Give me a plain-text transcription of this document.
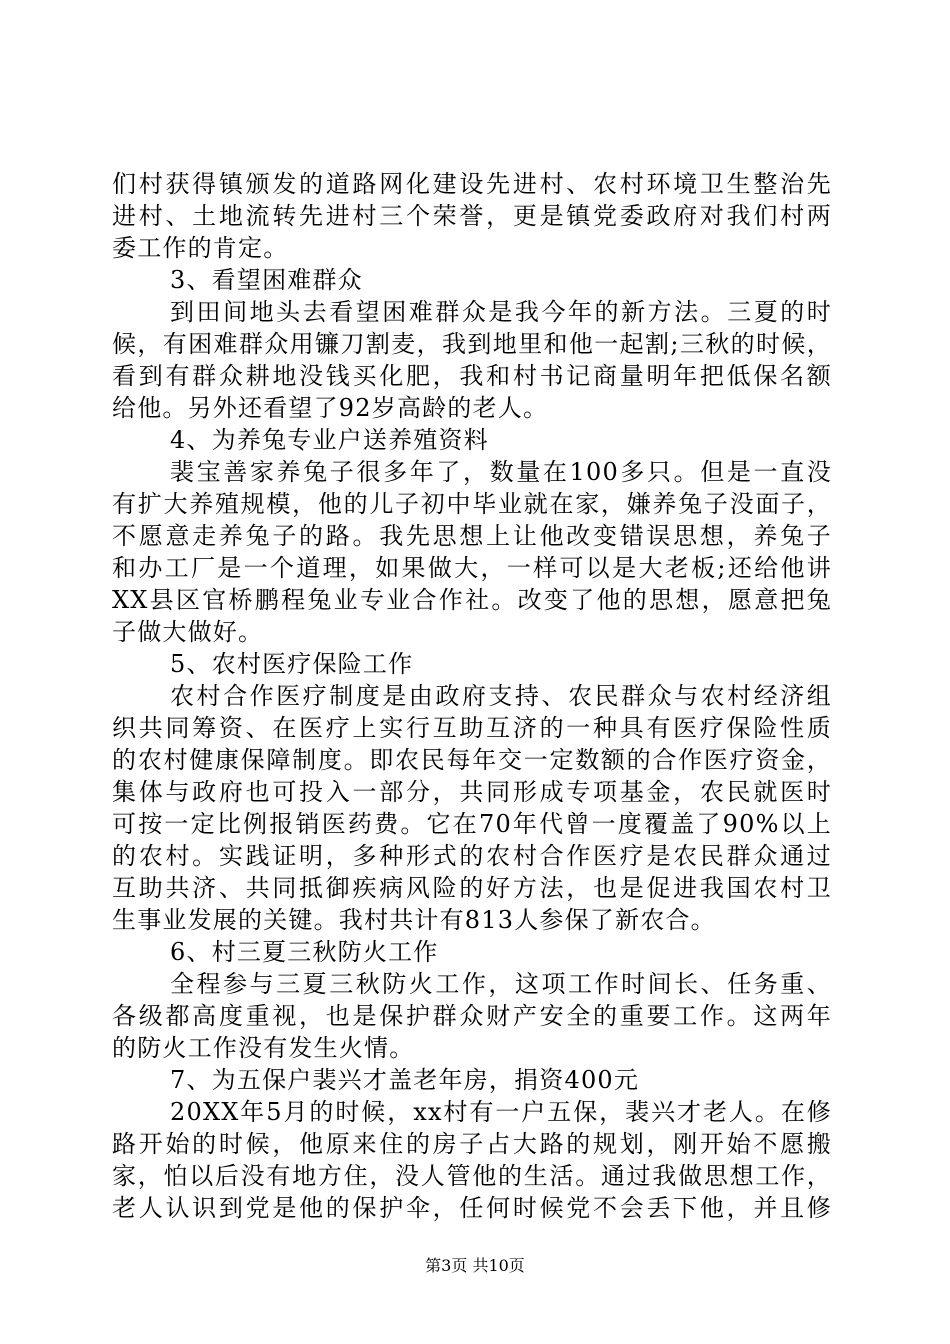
们村获得镇颁发的道路网化建设先进村、农村环境卫生整治先
进村、土地流转先进村三个荣誉，更是镇党委政府对我们村两
委工作的肯定。
3、看望困难群众
到田间地头去看望困难群众是我今年的新方法。三夏的时
候，有困难群众用镰刀割麦，我到地里和他一起割;三秋的时候，
看到有群众耕地没钱买化肥，我和村书记商量明年把低保名额
给他。另外还看望了92岁高龄的老人。
4、为养兔专业户送养殖资料
裴宝善家养兔子很多年了，数量在100多只。但是一直没
有扩大养殖规模，他的儿子初中毕业就在家，嫌养兔子没面子，
不愿意走养兔子的路。我先思想上让他改变错误思想，养兔子
和办工厂是一个道理，如果做大，一样可以是大老板;还给他讲
XX县区官桥鹏程兔业专业合作社。改变了他的思想，愿意把兔
子做大做好。
5、农村医疗保险工作
农村合作医疗制度是由政府支持、农民群众与农村经济组
织共同筹资、在医疗上实行互助互济的一种具有医疗保险性质
的农村健康保障制度。即农民每年交一定数额的合作医疗资金，
集体与政府也可投入一部分，共同形成专项基金，农民就医时
可按一定比例报销医药费。它在70年代曾一度覆盖了90%以上
的农村。实践证明，多种形式的农村合作医疗是农民群众通过
互助共济、共同抵御疾病风险的好方法，也是促进我国农村卫
生事业发展的关键。我村共计有813人参保了新农合。
6、村三夏三秋防火工作
全程参与三夏三秋防火工作，这项工作时间长、任务重、
各级都高度重视，也是保护群众财产安全的重要工作。这两年
的防火工作没有发生火情。
7、为五保户裴兴才盖老年房，捐资400元
20XX年5月的时候，xx村有一户五保，裴兴才老人。在修
路开始的时候，他原来住的房子占大路的规划，刚开始不愿搬
家，怕以后没有地方住，没人管他的生活。通过我做思想工作，
老人认识到党是他的保护伞，任何时候党不会丢下他，并且修
第3页 共10页
